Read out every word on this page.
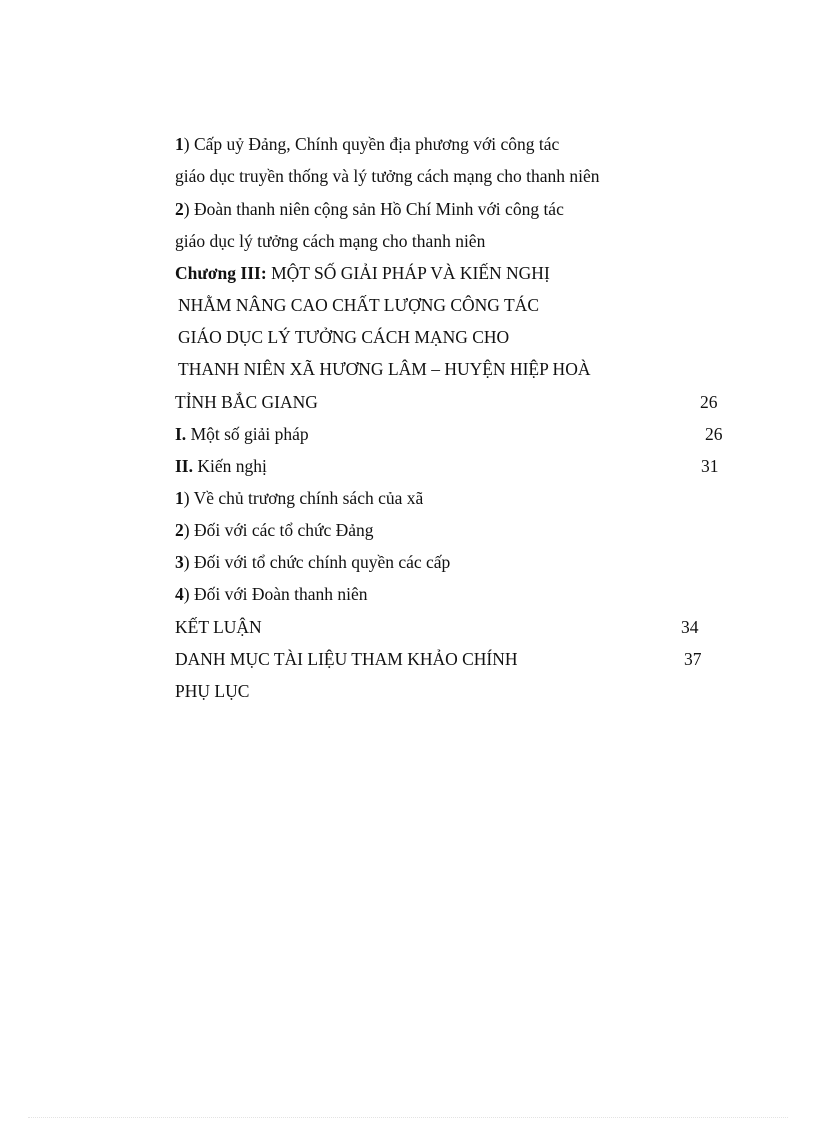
1) Cấp uỷ Đảng, Chính quyền địa phương với công tác
giáo dục truyền thống và lý tưởng cách mạng cho thanh niên
2) Đoàn thanh niên cộng sản Hồ Chí Minh với công tác
giáo dục lý tưởng cách mạng cho thanh niên
Chương III: MỘT SỐ GIẢI PHÁP VÀ KIẾN NGHỊ
NHẰM NÂNG CAO CHẤT LƯỢNG CÔNG TÁC
GIÁO DỤC LÝ TƯỞNG CÁCH MẠNG CHO
THANH NIÊN XÃ HƯƠNG LÂM – HUYỆN HIỆP HOÀ
TỈNH BẮC GIANG	26
I. Một số giải pháp	26
II. Kiến nghị	31
1) Về chủ trương chính sách của xã
2) Đối với các tổ chức Đảng
3) Đối với tổ chức chính quyền các cấp
4) Đối với Đoàn thanh niên
KẾT LUẬN	34
DANH MỤC TÀI LIỆU THAM KHẢO CHÍNH	37
PHỤ LỤC
